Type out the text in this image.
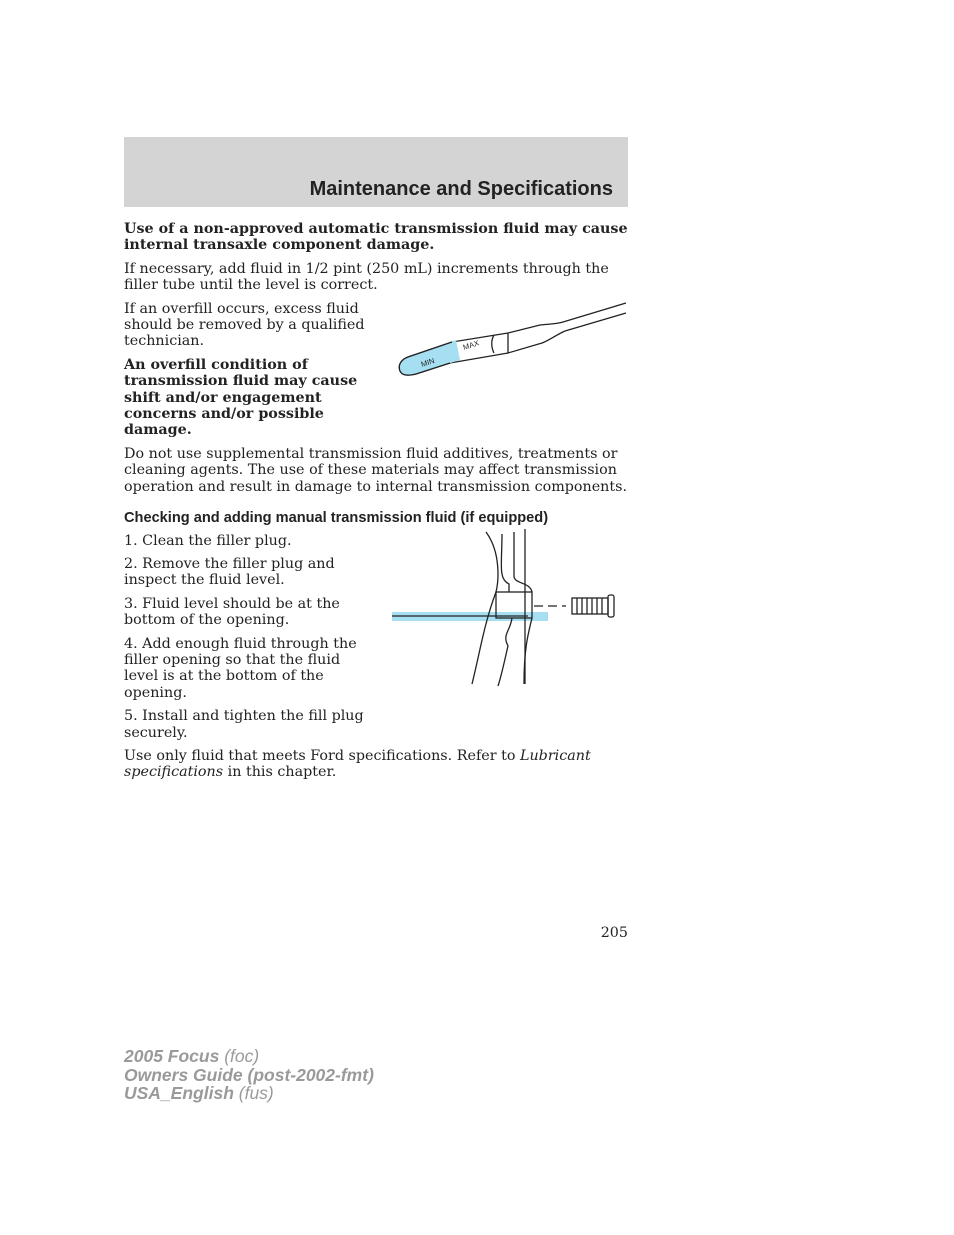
Maintenance and Specifications

Use of a non-approved automatic transmission fluid may cause internal transaxle component damage.

If necessary, add fluid in 1/2 pint (250 mL) increments through the filler tube until the level is correct.

If an overfill occurs, excess fluid should be removed by a qualified technician.

An overfill condition of transmission fluid may cause shift and/or engagement concerns and/or possible damage.

MIN
MAX

Do not use supplemental transmission fluid additives, treatments or cleaning agents. The use of these materials may affect transmission operation and result in damage to internal transmission components.

Checking and adding manual transmission fluid (if equipped)
1. Clean the filler plug.
2. Remove the filler plug and inspect the fluid level.
3. Fluid level should be at the bottom of the opening.
4. Add enough fluid through the filler opening so that the fluid level is at the bottom of the opening.
5. Install and tighten the fill plug securely.

Use only fluid that meets Ford specifications. Refer to Lubricant specifications in this chapter.

205
2005 Focus (foc)
Owners Guide (post-2002-fmt)
USA_English (fus)
